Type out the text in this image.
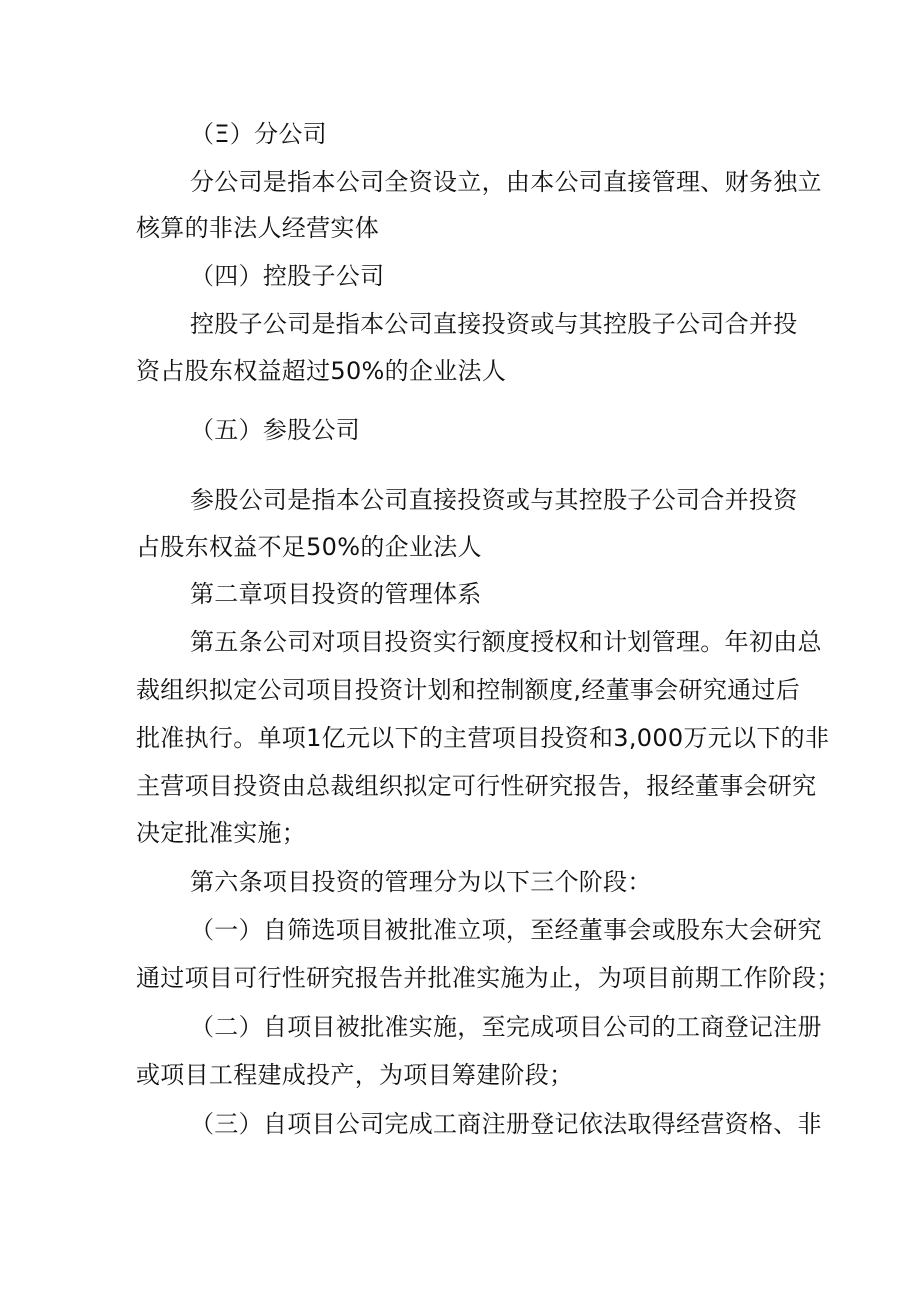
（Ξ）分公司
分公司是指本公司全资设立，由本公司直接管理、财务独立
核算的非法人经营实体
（四）控股子公司
控股子公司是指本公司直接投资或与其控股子公司合并投
资占股东权益超过50%的企业法人
（五）参股公司
参股公司是指本公司直接投资或与其控股子公司合并投资
占股东权益不足50%的企业法人
第二章项目投资的管理体系
第五条公司对项目投资实行额度授权和计划管理。年初由总
裁组织拟定公司项目投资计划和控制额度,经董事会研究通过后
批准执行。单项1亿元以下的主营项目投资和3,000万元以下的非
主营项目投资由总裁组织拟定可行性研究报告，报经董事会研究
决定批准实施；
第六条项目投资的管理分为以下三个阶段：
（一）自筛选项目被批准立项，至经董事会或股东大会研究
通过项目可行性研究报告并批准实施为止，为项目前期工作阶段；
（二）自项目被批准实施，至完成项目公司的工商登记注册
或项目工程建成投产，为项目筹建阶段；
（三）自项目公司完成工商注册登记依法取得经营资格、非
